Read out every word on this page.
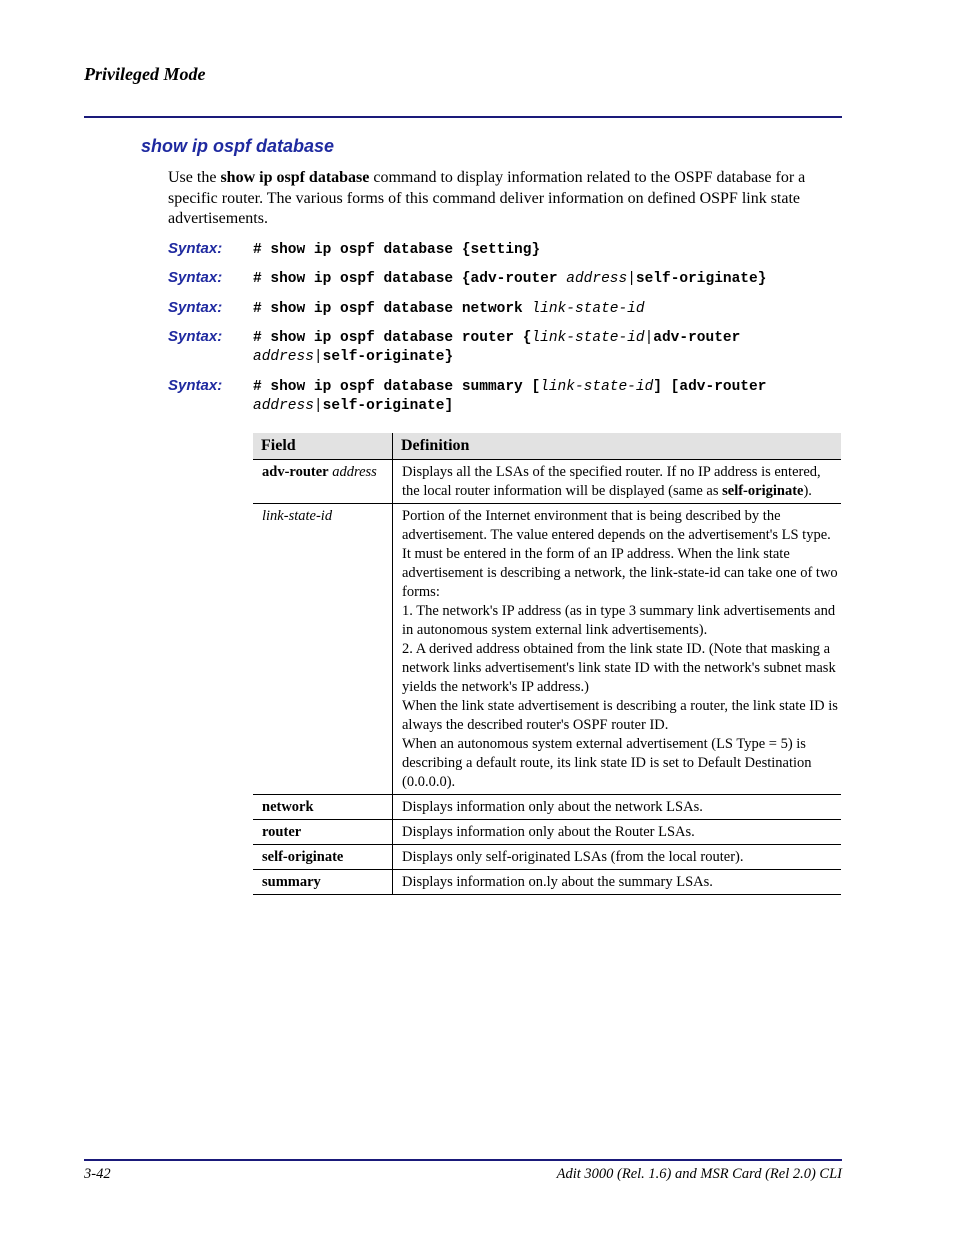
Privileged Mode
show ip ospf database
Use the show ip ospf database command to display information related to the OSPF database for a specific router. The various forms of this command deliver information on defined OSPF link state advertisements.
Syntax: # show ip ospf database {setting}
Syntax: # show ip ospf database {adv-router address|self-originate}
Syntax: # show ip ospf database network link-state-id
Syntax: # show ip ospf database router {link-state-id|adv-router
address|self-originate}
Syntax: # show ip ospf database summary [link-state-id] [adv-router
address|self-originate]
Field	Definition
adv-router address	Displays all the LSAs of the specified router. If no IP address is entered, the local router information will be displayed (same as self-originate).
link-state-id	Portion of the Internet environment that is being described by the advertisement. The value entered depends on the advertisement's LS type. It must be entered in the form of an IP address. When the link state advertisement is describing a network, the link-state-id can take one of two forms:
1. The network's IP address (as in type 3 summary link advertisements and in autonomous system external link advertisements).
2. A derived address obtained from the link state ID. (Note that masking a network links advertisement's link state ID with the network's subnet mask yields the network's IP address.)
When the link state advertisement is describing a router, the link state ID is always the described router's OSPF router ID.
When an autonomous system external advertisement (LS Type = 5) is describing a default route, its link state ID is set to Default Destination (0.0.0.0).

network	Displays information only about the network LSAs.
router	Displays information only about the Router LSAs.
self-originate	Displays only self-originated LSAs (from the local router).
summary	Displays information on.ly about the summary LSAs.
3-42	Adit 3000 (Rel. 1.6) and MSR Card (Rel 2.0) CLI
